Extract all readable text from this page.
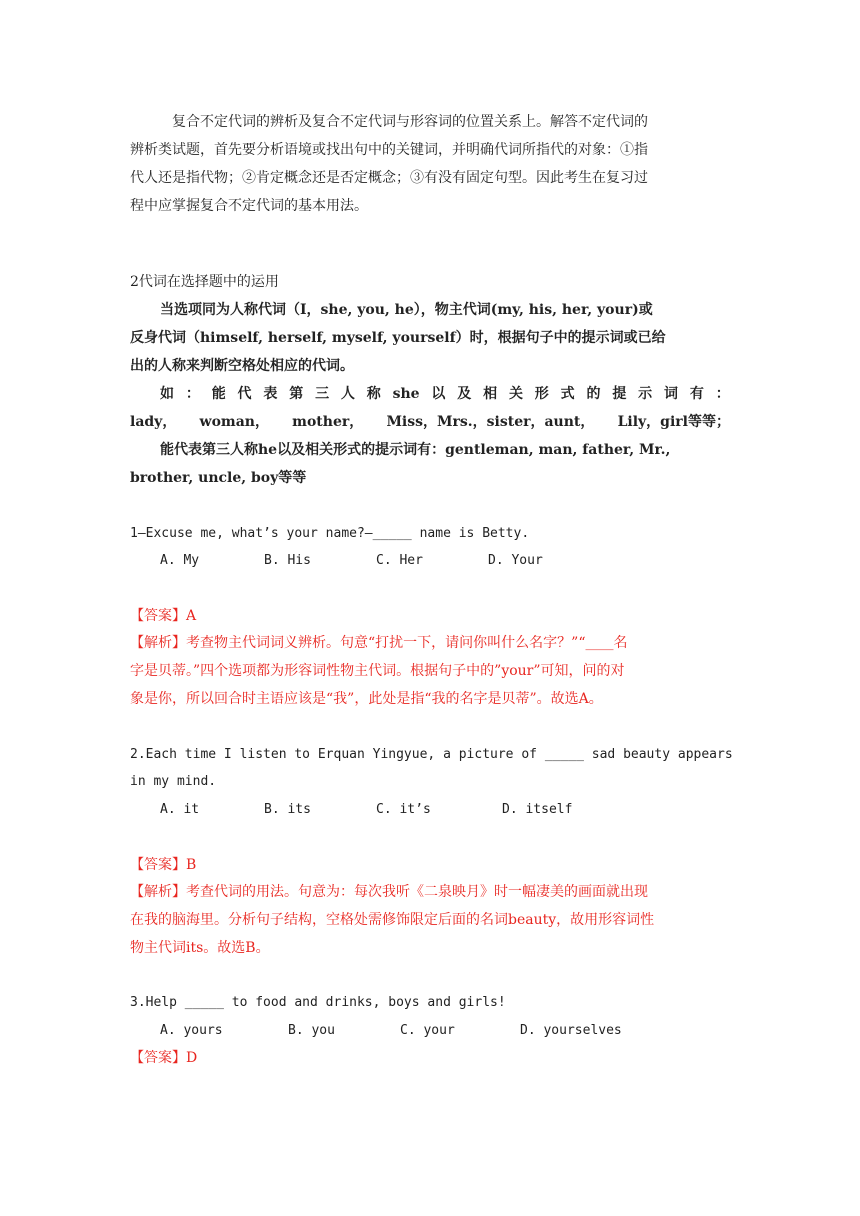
复合不定代词的辨析及复合不定代词与形容词的位置关系上。解答不定代词的
辨析类试题，首先要分析语境或找出句中的关键词，并明确代词所指代的对象：①指
代人还是指代物；②肯定概念还是否定概念；③有没有固定句型。因此考生在复习过
程中应掌握复合不定代词的基本用法。
2代词在选择题中的运用
当选项同为人称代词（I，she, you, he），物主代词(my, his, her, your)或
反身代词（himself, herself, myself, yourself）时，根据句子中的提示词或已给
出的人称来判断空格处相应的代词。
如 ： 能 代 表 第 三 人 称 she 以 及 相 关 形 式 的 提 示 词 有 ：
lady， woman， mother， Miss，Mrs.，sister，aunt， Lily，girl等等；
能代表第三人称he以及相关形式的提示词有：gentleman, man, father, Mr.,
brother, uncle, boy等等
1—Excuse me, what’s your name?—_____ name is Betty.
A. My	B. His	C. Her	D. Your
【答案】A
【解析】考查物主代词词义辨析。句意“打扰一下，请问你叫什么名字？”“____名
字是贝蒂。”四个选项都为形容词性物主代词。根据句子中的”your”可知，问的对
象是你，所以回合时主语应该是“我”，此处是指“我的名字是贝蒂”。故选A。
2.Each time I listen to Erquan Yingyue, a picture of _____ sad beauty appears
in my mind.
A. it	B. its	C. it’s	D. itself
【答案】B
【解析】考查代词的用法。句意为：每次我听《二泉映月》时一幅凄美的画面就出现
在我的脑海里。分析句子结构，空格处需修饰限定后面的名词beauty，故用形容词性
物主代词its。故选B。
3.Help _____ to food and drinks, boys and girls!
A. yours	B. you	C. your	D. yourselves
【答案】D
